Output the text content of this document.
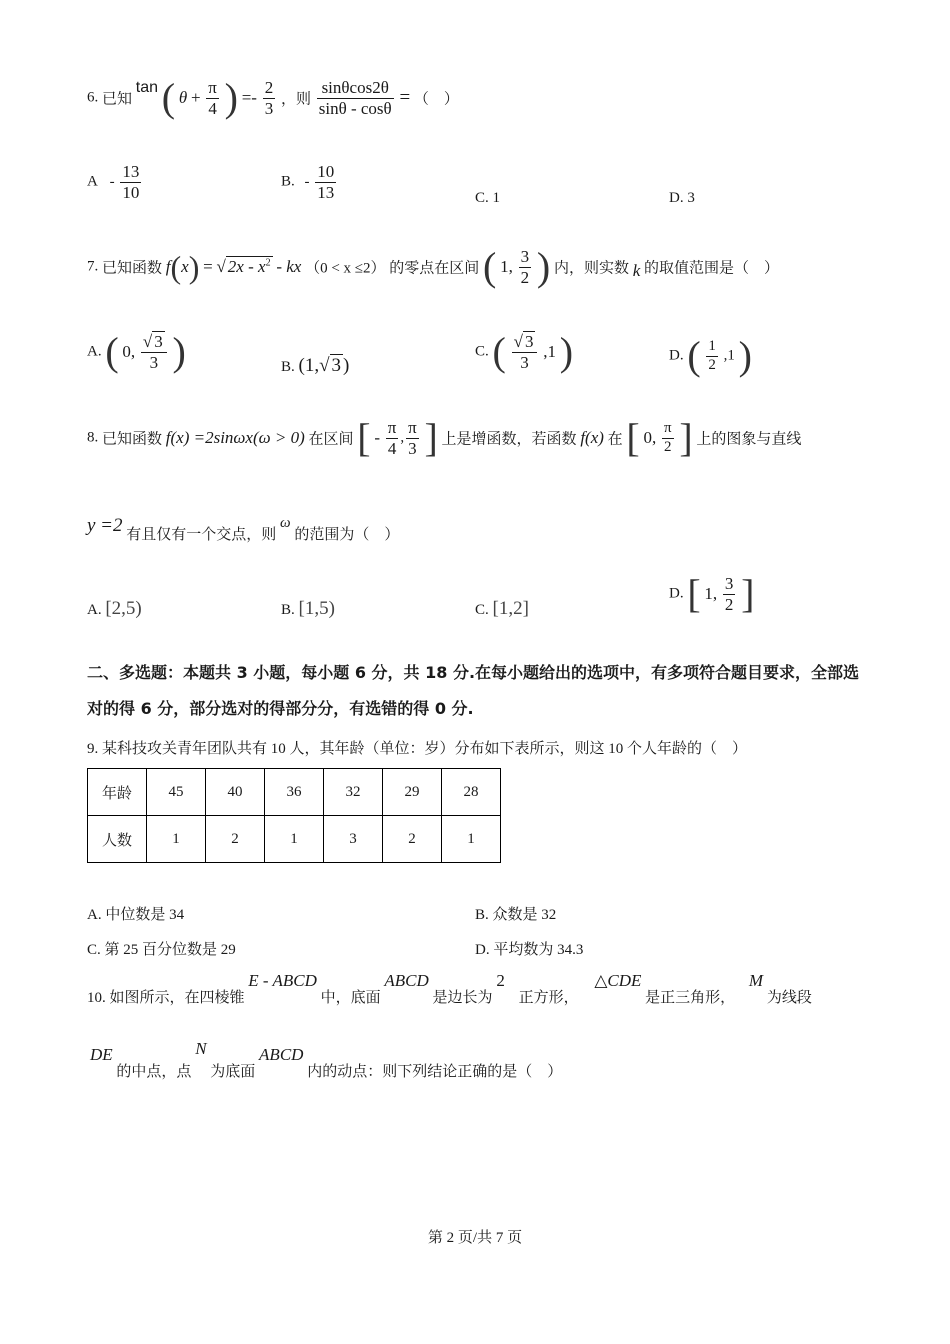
6. 已知 tan ( $\theta + \frac{\pi}{4}$ ) =- $\frac{2}{3}$ ，则 $\frac{\sin\theta\cos 2\theta}{\sin\theta - \cos\theta}$ = （　）
A - $\frac{13}{10}$	B. - $\frac{10}{13}$	C. 1	D. 3
7. 已知函数 f(x) = √ $2x - x^2$ - kx （0 < x ≤2） 的零点在区间 ( 1, $\frac{3}{2}$ ) 内，则实数 k 的取值范围是（　）
A. ( 0, $\frac{√ 3}{3}$ )	B. (1,√ 3 )
C. ( $\frac{√ 3}{3} ,1$ )	D. ( $\frac{1}{2} ,1$ )
8. 已知函数 f(x) =2sinωx(ω > 0) 在区间 [ - $\frac{\pi}{4}$ , $\frac{\pi}{3}$ ] 上是增函数，若函数 f(x) 在 [ 0, $\frac{\pi}{2}$ ] 上的图象与直线
y =2 有且仅有一个交点，则 ω 的范围为（　）
A. [2,5)	B. [1,5)	C. [1,2]
D. [ 1, $\frac{3}{2}$ ]
二、多选题：本题共 3 小题，每小题 6 分，共 18 分.在每小题给出的选项中，有多项符合题目要求，全部选对的得 6 分，部分选对的得部分分，有选错的得 0 分.
9. 某科技攻关青年团队共有 10 人，其年龄（单位：岁）分布如下表所示，则这 10 个人年龄的（　）
年龄	45	40	36	32	29	28
人数	1	2	1	3	2	1
A. 中位数是 34	B. 众数是 32
C. 第 25 百分位数是 29	D. 平均数为 34.3
10. 如图所示，在四棱锥 E - ABCD 中，底面 ABCD 是边长为 2 正方形， △CDE 是正三角形， M 为线段
DE 的中点，点 N 为底面 ABCD 内的动点：则下列结论正确的是（　）
第 2 页/共 7 页
